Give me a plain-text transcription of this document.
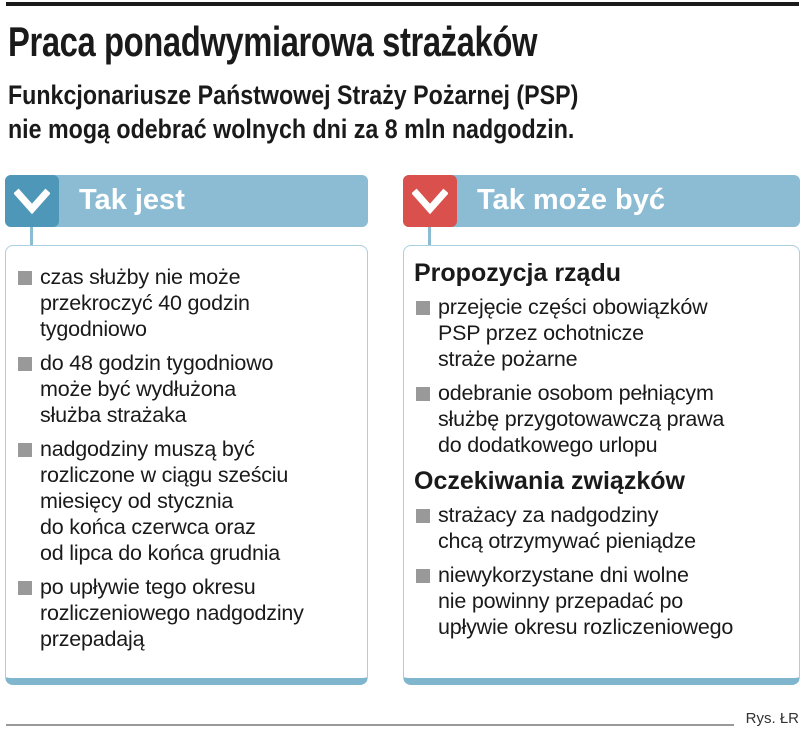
Praca ponadwymiarowa strażaków
Funkcjonariusze Państwowej Straży Pożarnej (PSP)
nie mogą odebrać wolnych dni za 8 mln nadgodzin.
Tak jest
czas służby nie może
przekroczyć 40 godzin
tygodniowo
do 48 godzin tygodniowo
może być wydłużona
służba strażaka
nadgodziny muszą być
rozliczone w ciągu sześciu
miesięcy od stycznia
do końca czerwca oraz
od lipca do końca grudnia
po upływie tego okresu
rozliczeniowego nadgodziny
przepadają
Tak może być
Propozycja rządu
przejęcie części obowiązków
PSP przez ochotnicze
straże pożarne
odebranie osobom pełniącym
służbę przygotowawczą prawa
do dodatkowego urlopu
Oczekiwania związków
strażacy za nadgodziny
chcą otrzymywać pieniądze
niewykorzystane dni wolne
nie powinny przepadać po
upływie okresu rozliczeniowego
Rys. ŁR
